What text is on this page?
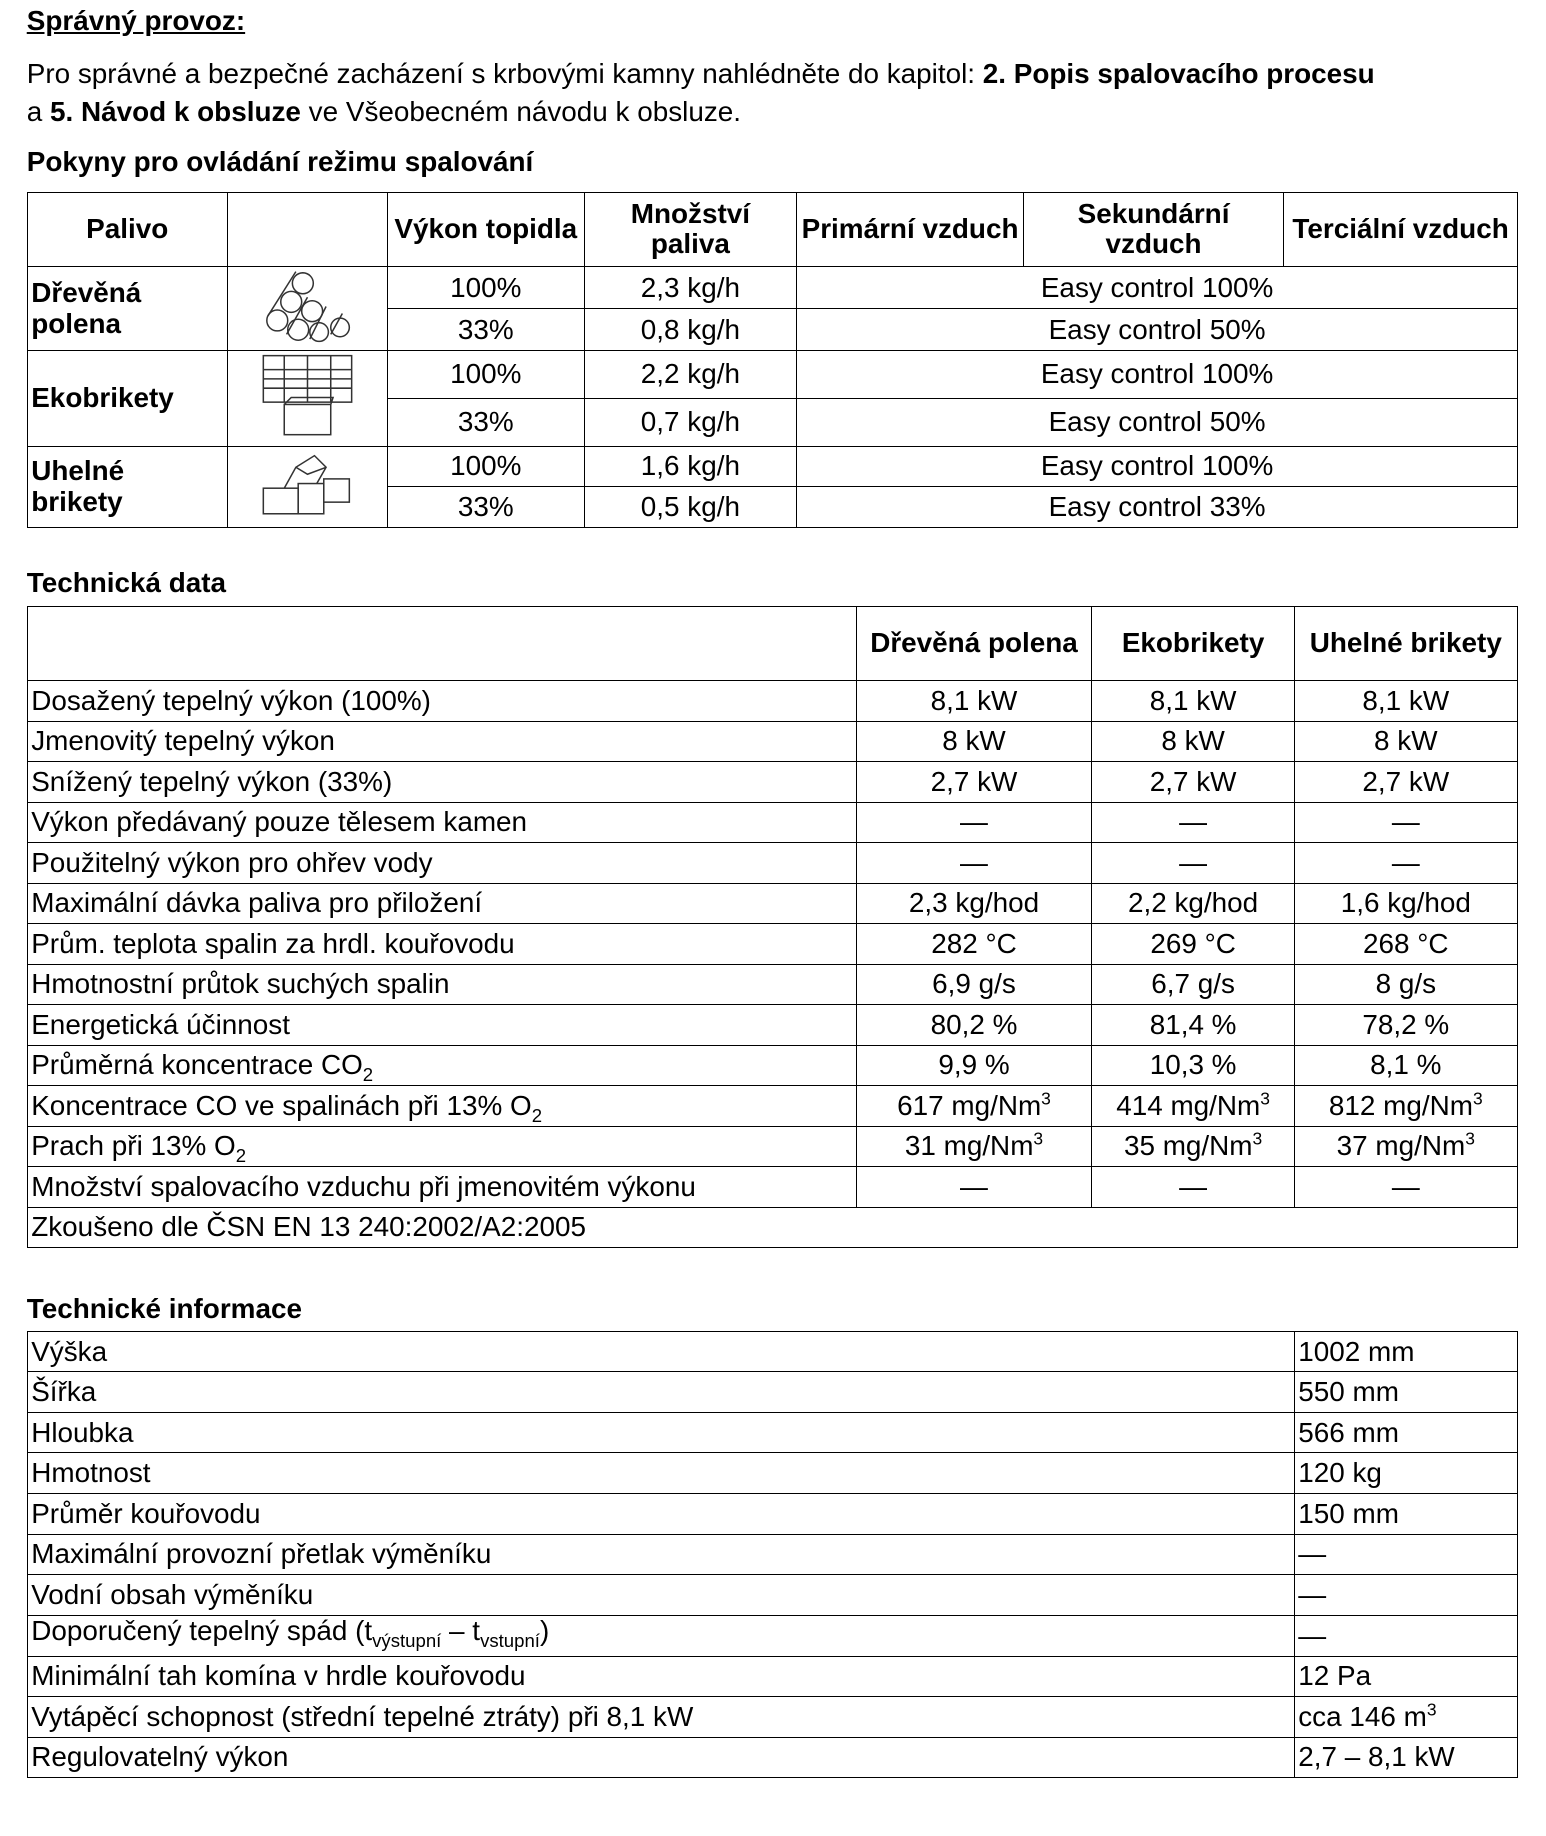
Správný provoz:
Pro správné a bezpečné zacházení s krbovými kamny nahlédněte do kapitol: 2. Popis spalovacího procesu
a 5. Návod k obsluze ve Všeobecném návodu k obsluze.
Pokyny pro ovládání režimu spalování
Palivo		Výkon topidla	Množství paliva	Primární vzduch	Sekundární vzduch	Terciální vzduch
Dřevěná polena		100%	2,3 kg/h	Easy control 100%		
		33%	0,8 kg/h	Easy control 50%		
Ekobrikety		100%	2,2 kg/h	Easy control 100%		
		33%	0,7 kg/h	Easy control 50%		
Uhelné brikety		100%	1,6 kg/h	Easy control 100%		
		33%	0,5 kg/h	Easy control 33%		
Technická data
	Dřevěná polena	Ekobrikety	Uhelné brikety
Dosažený tepelný výkon (100%)	8,1 kW	8,1 kW	8,1 kW
Jmenovitý tepelný výkon	8 kW	8 kW	8 kW
Snížený tepelný výkon (33%)	2,7 kW	2,7 kW	2,7 kW
Výkon předávaný pouze tělesem kamen	—	—	—
Použitelný výkon pro ohřev vody	—	—	—
Maximální dávka paliva pro přiložení	2,3 kg/hod	2,2 kg/hod	1,6 kg/hod
Prům. teplota spalin za hrdl. kouřovodu	282 °C	269 °C	268 °C
Hmotnostní průtok suchých spalin	6,9 g/s	6,7 g/s	8 g/s
Energetická účinnost	80,2 %	81,4 %	78,2 %
Průměrná koncentrace $CO_2$	9,9 %	10,3 %	8,1 %
Koncentrace CO ve spalinách při 13% $O_2$	617 mg/Nm$^3$	414 mg/Nm$^3$	812 mg/Nm$^3$
Prach při 13% $O_2$	31 mg/Nm$^3$	35 mg/Nm$^3$	37 mg/Nm$^3$
Množství spalovacího vzduchu při jmenovitém výkonu	—	—	—
Zkoušeno dle ČSN EN 13 240:2002/A2:2005			
Technické informace
Výška	1002 mm
Šířka	550 mm
Hloubka	566 mm
Hmotnost	120 kg
Průměr kouřovodu	150 mm
Maximální provozní přetlak výměníku	—
Vodní obsah výměníku	—
Doporučený tepelný spád $(t_{výstupní} - t_{vstupní})$	—
Minimální tah komína v hrdle kouřovodu	12 Pa
Vytápěcí schopnost (střední tepelné ztráty) při 8,1 kW	cca 146 $m^3$
Regulovatelný výkon	2,7 – 8,1 kW
